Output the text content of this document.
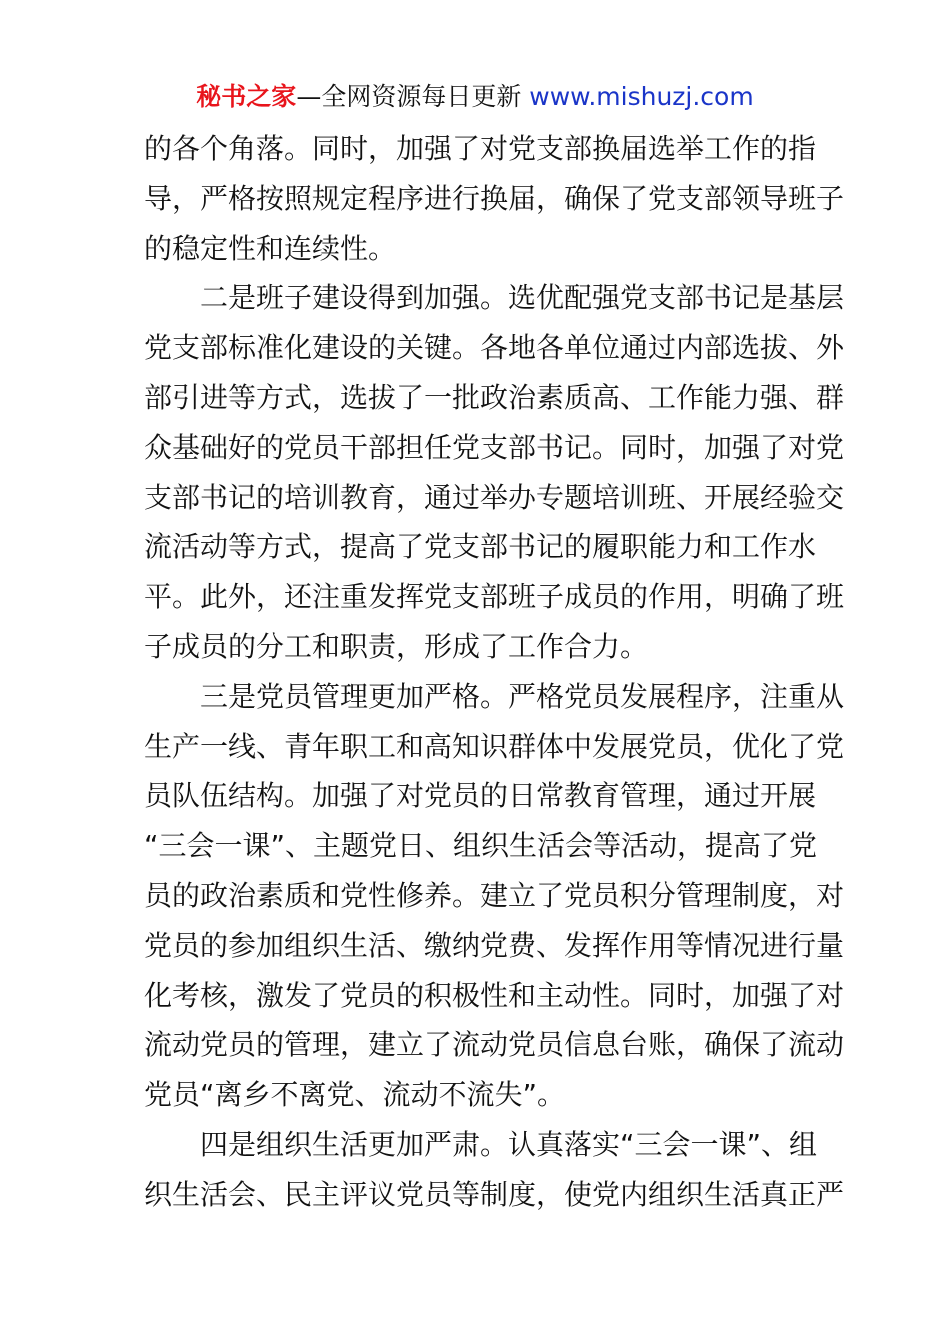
秘书之家—全网资源每日更新 www.mishuzj.com
的各个角落。同时，加强了对党支部换届选举工作的指
导，严格按照规定程序进行换届，确保了党支部领导班子
的稳定性和连续性。
二是班子建设得到加强。选优配强党支部书记是基层
党支部标准化建设的关键。各地各单位通过内部选拔、外
部引进等方式，选拔了一批政治素质高、工作能力强、群
众基础好的党员干部担任党支部书记。同时，加强了对党
支部书记的培训教育，通过举办专题培训班、开展经验交
流活动等方式，提高了党支部书记的履职能力和工作水
平。此外，还注重发挥党支部班子成员的作用，明确了班
子成员的分工和职责，形成了工作合力。
三是党员管理更加严格。严格党员发展程序，注重从
生产一线、青年职工和高知识群体中发展党员，优化了党
员队伍结构。加强了对党员的日常教育管理，通过开展
“三会一课”、主题党日、组织生活会等活动，提高了党
员的政治素质和党性修养。建立了党员积分管理制度，对
党员的参加组织生活、缴纳党费、发挥作用等情况进行量
化考核，激发了党员的积极性和主动性。同时，加强了对
流动党员的管理，建立了流动党员信息台账，确保了流动
党员“离乡不离党、流动不流失”。
四是组织生活更加严肃。认真落实“三会一课”、组
织生活会、民主评议党员等制度，使党内组织生活真正严
